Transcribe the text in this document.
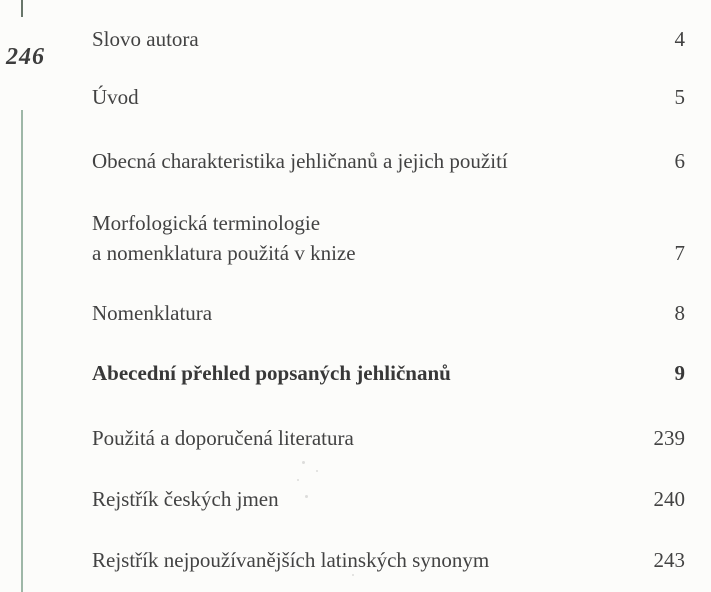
246
Slovo autora	4
Úvod	5
Obecná charakteristika jehličnanů a jejich použití	6
Morfologická terminologie
a nomenklatura použitá v knize	7
Nomenklatura	8
Abecední přehled popsaných jehličnanů	9
Použitá a doporučená literatura	239
Rejstřík českých jmen	240
Rejstřík nejpoužívanějších latinských synonym	243
